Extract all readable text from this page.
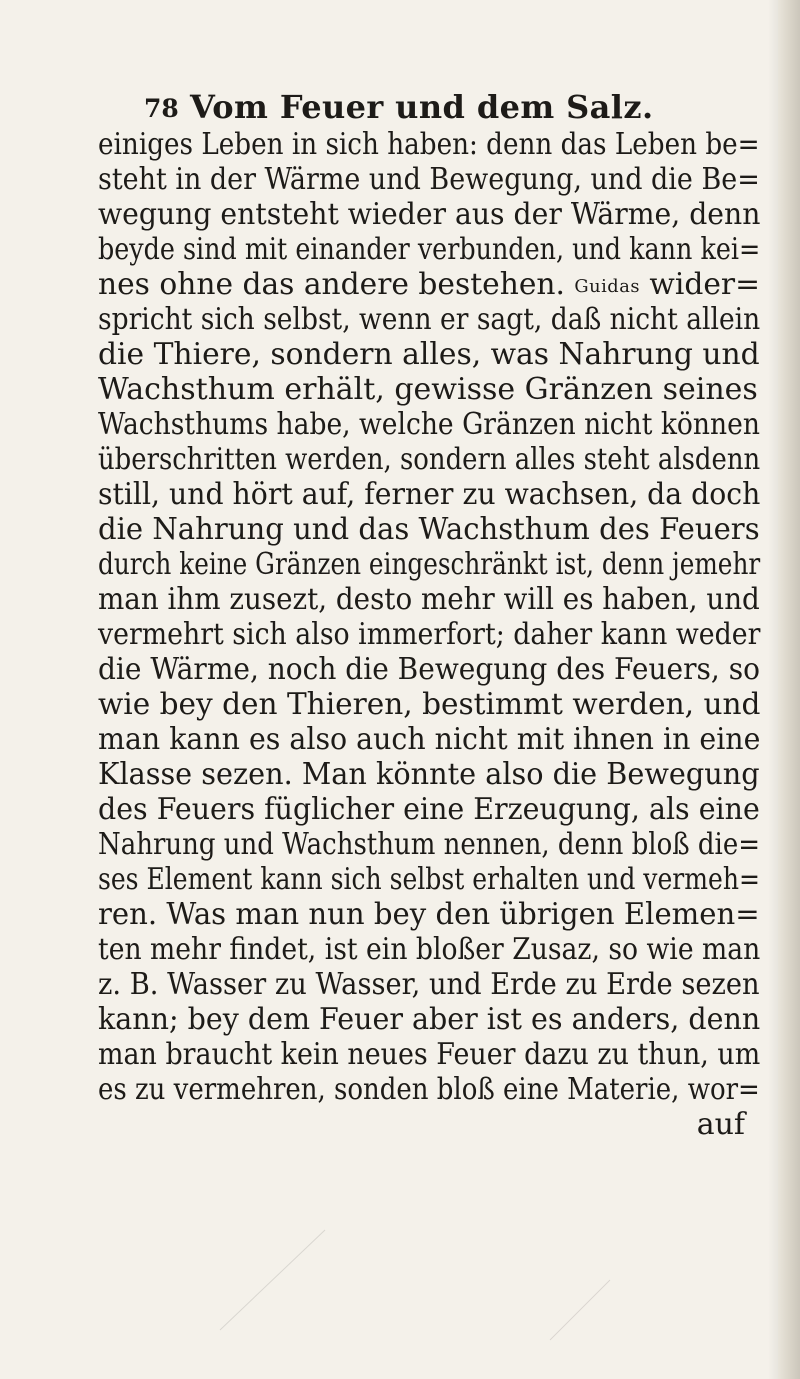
78 Vom Feuer und dem Salz.
einiges Leben in sich haben: denn das Leben be=
steht in der Wärme und Bewegung, und die Be=
wegung entsteht wieder aus der Wärme, denn
beyde sind mit einander verbunden, und kann kei=
nes ohne das andere bestehen. Guidas wider=
spricht sich selbst, wenn er sagt, daß nicht allein
die Thiere, sondern alles, was Nahrung und
Wachsthum erhält, gewisse Gränzen seines
Wachsthums habe, welche Gränzen nicht können
überschritten werden, sondern alles steht alsdenn
still, und hört auf, ferner zu wachsen, da doch
die Nahrung und das Wachsthum des Feuers
durch keine Gränzen eingeschränkt ist, denn jemehr
man ihm zusezt, desto mehr will es haben, und
vermehrt sich also immerfort; daher kann weder
die Wärme, noch die Bewegung des Feuers, so
wie bey den Thieren, bestimmt werden, und
man kann es also auch nicht mit ihnen in eine
Klasse sezen. Man könnte also die Bewegung
des Feuers füglicher eine Erzeugung, als eine
Nahrung und Wachsthum nennen, denn bloß die=
ses Element kann sich selbst erhalten und vermeh=
ren. Was man nun bey den übrigen Elemen=
ten mehr findet, ist ein bloßer Zusaz, so wie man
z. B. Wasser zu Wasser, und Erde zu Erde sezen
kann; bey dem Feuer aber ist es anders, denn
man braucht kein neues Feuer dazu zu thun, um
es zu vermehren, sonden bloß eine Materie, wor=
auf
